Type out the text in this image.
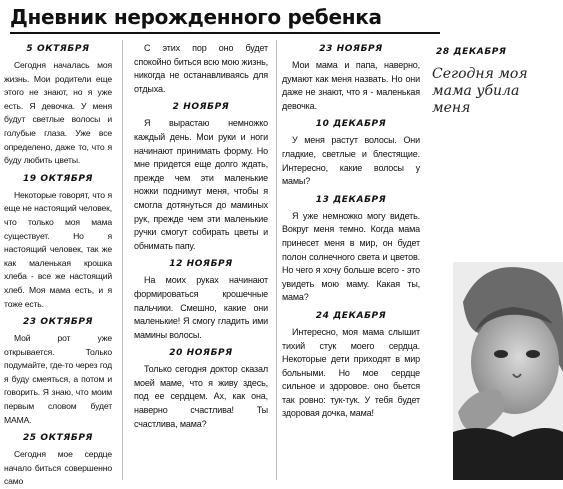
Дневник нерожденного ребенка
5 ОКТЯБРЯ
Сегодня началась моя жизнь. Мои родители еще этого не знают, но я уже есть. Я девочка. У меня будут светлые волосы и голубые глаза. Уже все определено, даже то, что я буду любить цветы.
19 ОКТЯБРЯ
Некоторые говорят, что я еще не настоящий человек, что только моя мама существует. Но я настоящий человек, так же как маленькая крошка хлеба - все же настоящий хлеб. Моя мама есть, и я тоже есть.
23 ОКТЯБРЯ
Мой рот уже открывается. Только подумайте, где-то через год я буду смеяться, а потом и говорить. Я знаю, что моим первым словом будет МАМА.
25 ОКТЯБРЯ
Сегодня мое сердце начало биться совершенно само
С этих пор оно будет спокойно биться всю мою жизнь, никогда не останавливаясь для отдыха.
2 НОЯБРЯ
Я вырастаю немножко каждый день. Мои руки и ноги начинают принимать форму. Но мне придется еще долго ждать, прежде чем эти маленькие ножки поднимут меня, чтобы я смогла дотянуться до маминых рук, прежде чем эти маленькие ручки смогут собирать цветы и обнимать папу.
12 НОЯБРЯ
На моих руках начинают формироваться крошечные пальчики. Смешно, какие они маленькие! Я смогу гладить ими мамины волосы.
20 НОЯБРЯ
Только сегодня доктор сказал моей маме, что я живу здесь, под ее сердцем. Ах, как она, наверно счастлива! Ты счастлива, мама?
23 НОЯБРЯ
Мои мама и папа, наверно, думают как меня назвать. Но они даже не знают, что я - маленькая девочка.
10 ДЕКАБРЯ
У меня растут волосы. Они гладкие, светлые и блестящие. Интересно, какие волосы у мамы?
13 ДЕКАБРЯ
Я уже немножко могу видеть. Вокруг меня темно. Когда мама принесет меня в мир, он будет полон солнечного света и цветов. Но чего я хочу больше всего - это увидеть мою маму. Какая ты, мама?
24 ДЕКАБРЯ
Интересно, моя мама слышит тихий стук моего сердца. Некоторые дети приходят в мир больными. Но мое сердце сильное и здоровое. оно бьется так ровно: тук-тук. У тебя будет здоровая дочка, мама!
28 ДЕКАБРЯ
Сегодня моя мама убила меня
